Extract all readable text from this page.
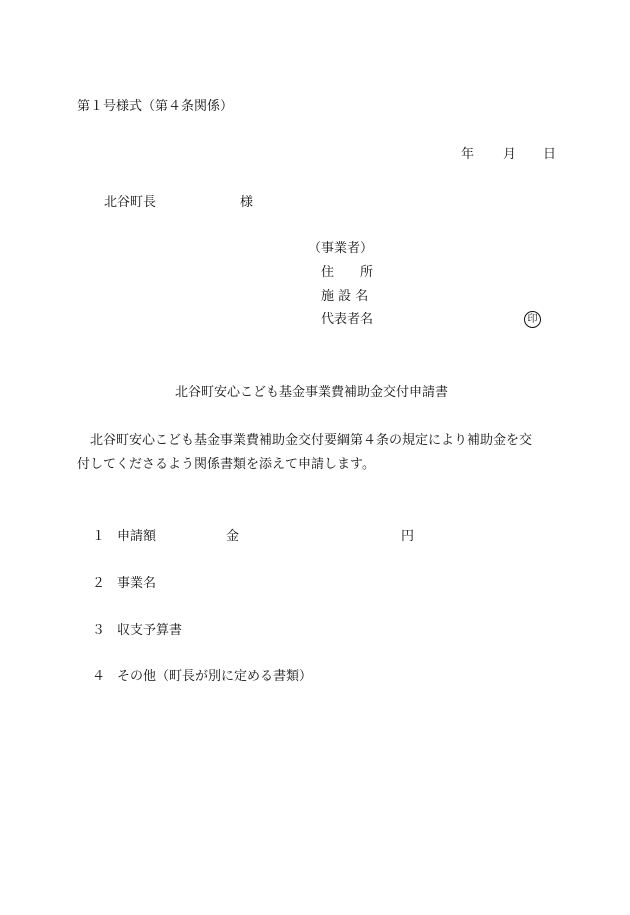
第１号様式（第４条関係）
年 月 日
北谷町長	様
（事業者）
住　　所
施 設 名
代表者名	印
北谷町安心こども基金事業費補助金交付申請書
北谷町安心こども基金事業費補助金交付要綱第４条の規定により補助金を交
付してくださるよう関係書類を添えて申請します。
１ 申請額	金	円
２ 事業名
３ 収支予算書
４ その他（町長が別に定める書類）
